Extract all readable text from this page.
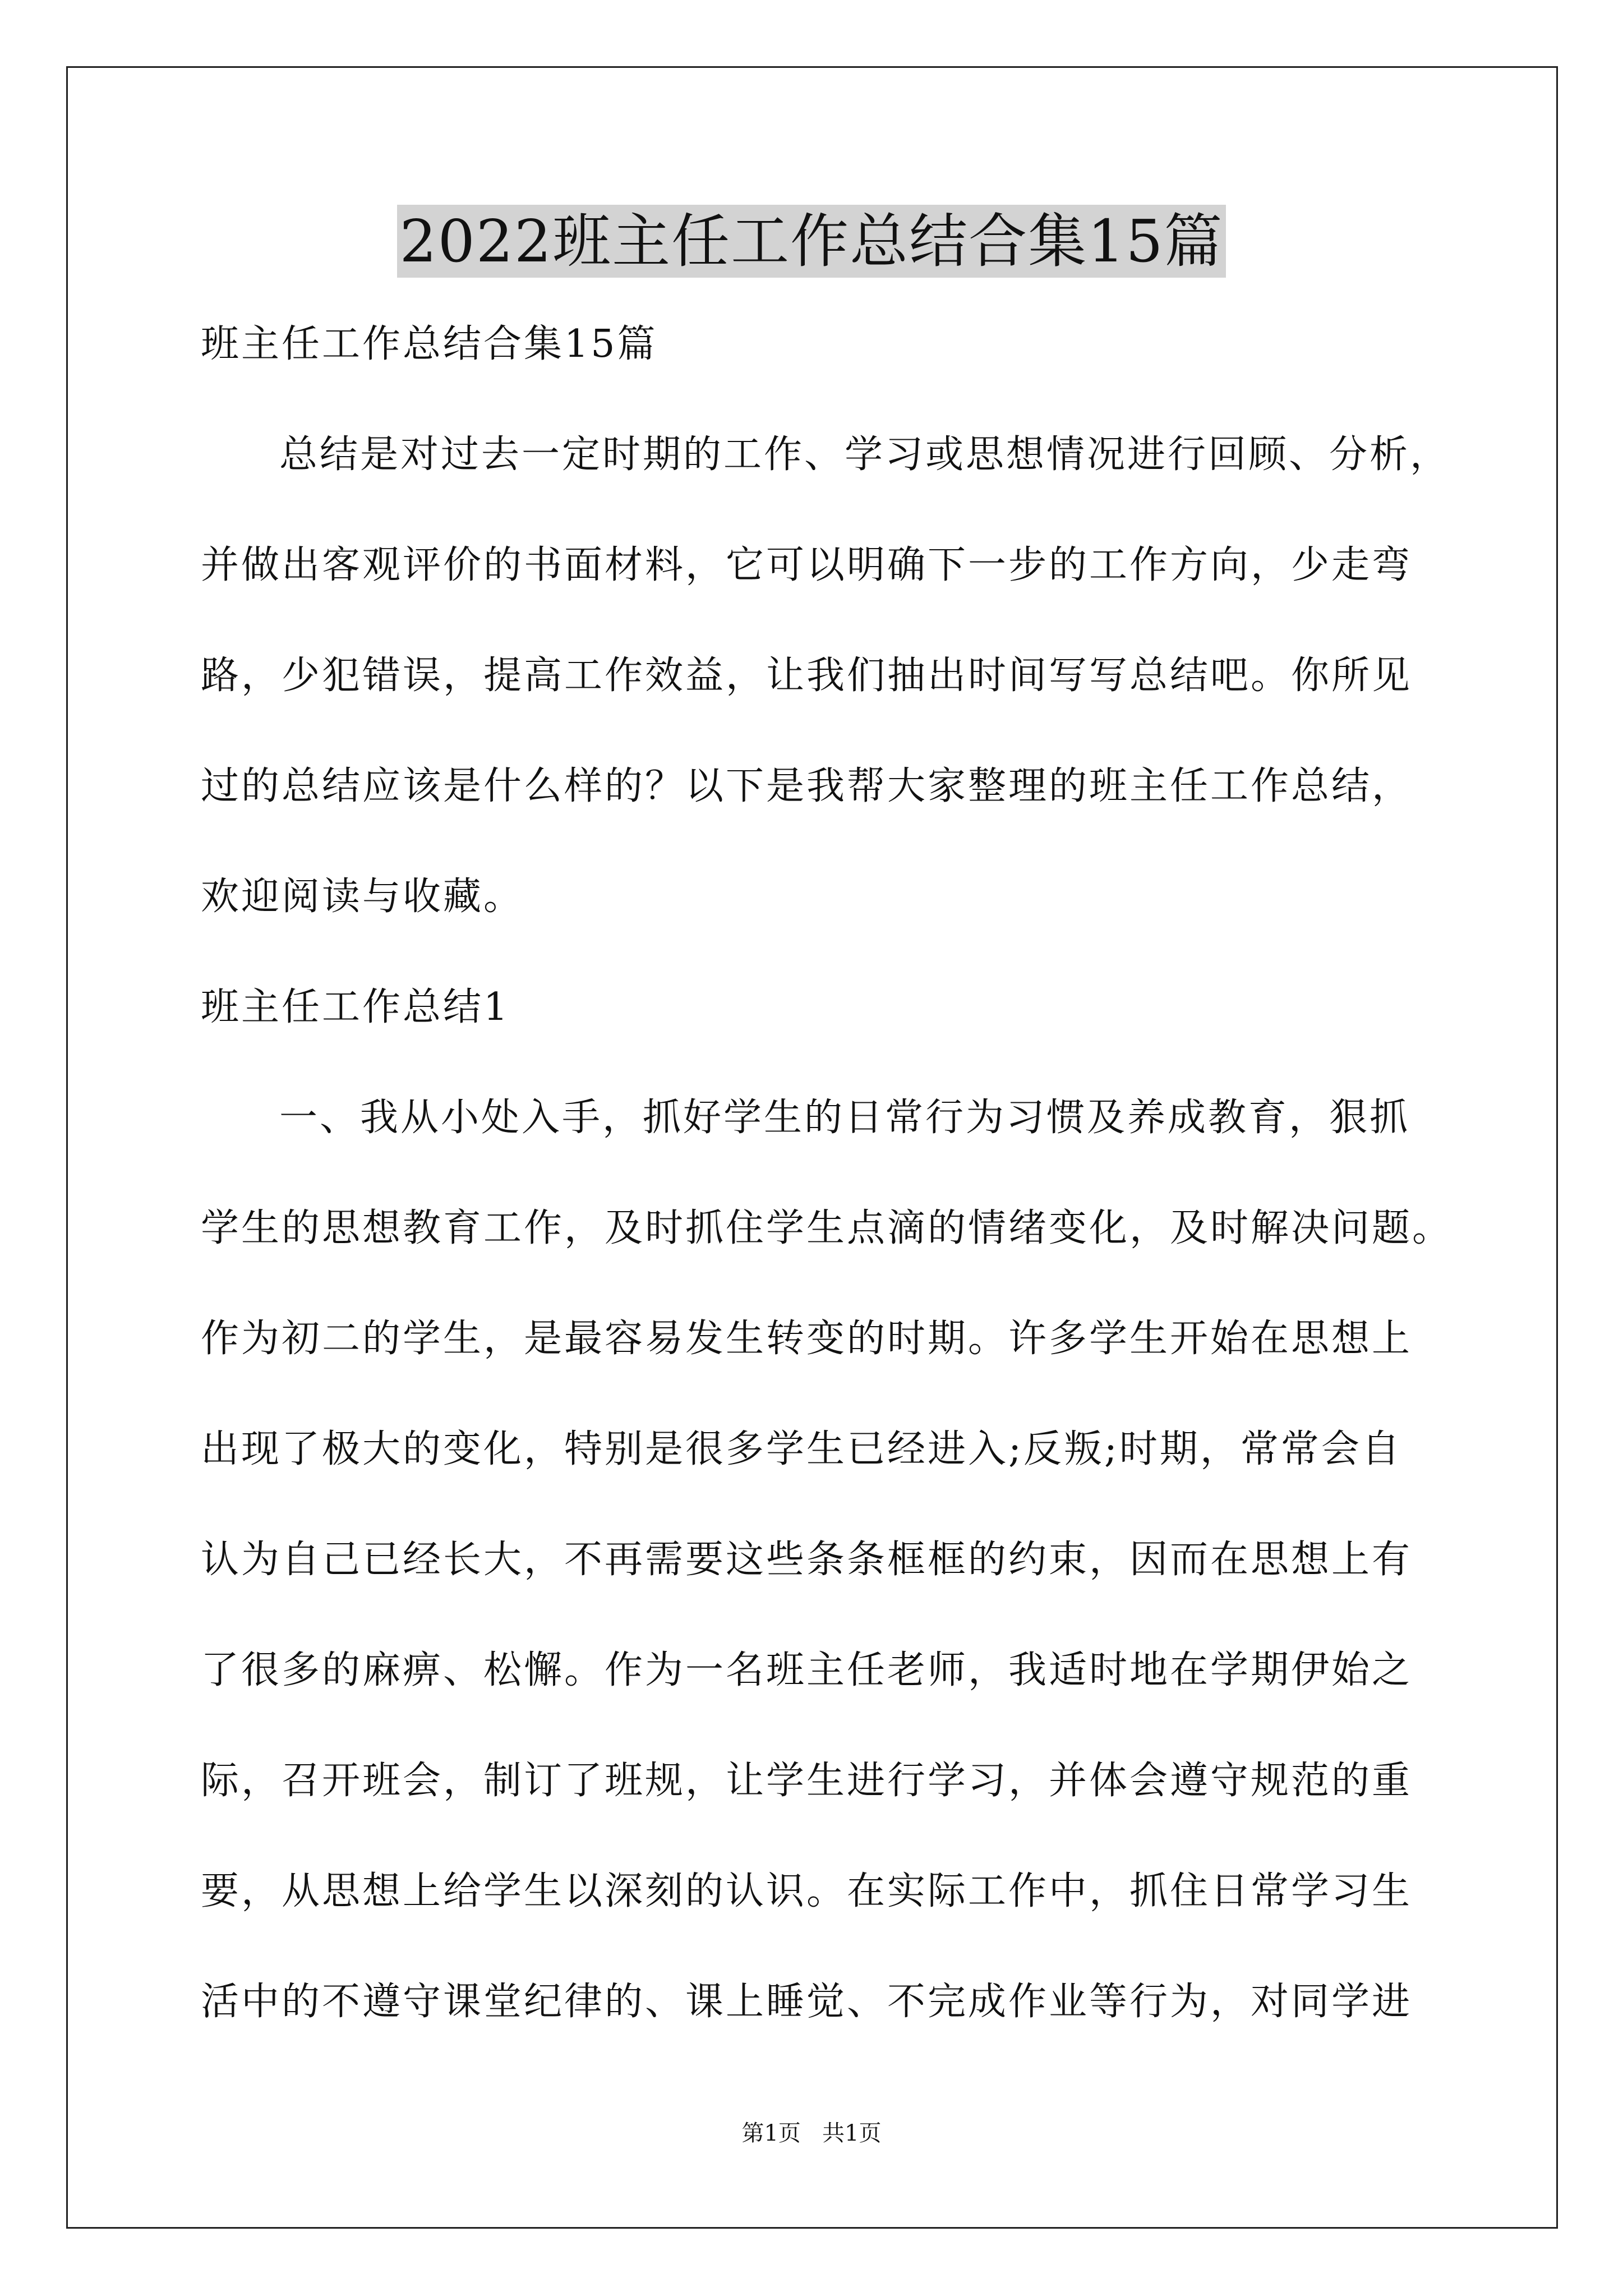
2022班主任工作总结合集15篇

班主任工作总结合集15篇

总结是对过去一定时期的工作、学习或思想情况进行回顾、分析，

并做出客观评价的书面材料，它可以明确下一步的工作方向，少走弯

路，少犯错误，提高工作效益，让我们抽出时间写写总结吧。你所见

过的总结应该是什么样的？以下是我帮大家整理的班主任工作总结，

欢迎阅读与收藏。

班主任工作总结1

一、我从小处入手，抓好学生的日常行为习惯及养成教育，狠抓

学生的思想教育工作，及时抓住学生点滴的情绪变化，及时解决问题。

作为初二的学生，是最容易发生转变的时期。许多学生开始在思想上

出现了极大的变化，特别是很多学生已经进入;反叛;时期，常常会自

认为自己已经长大，不再需要这些条条框框的约束，因而在思想上有

了很多的麻痹、松懈。作为一名班主任老师，我适时地在学期伊始之

际，召开班会，制订了班规，让学生进行学习，并体会遵守规范的重

要，从思想上给学生以深刻的认识。在实际工作中，抓住日常学习生

活中的不遵守课堂纪律的、课上睡觉、不完成作业等行为，对同学进

第1页   共1页
